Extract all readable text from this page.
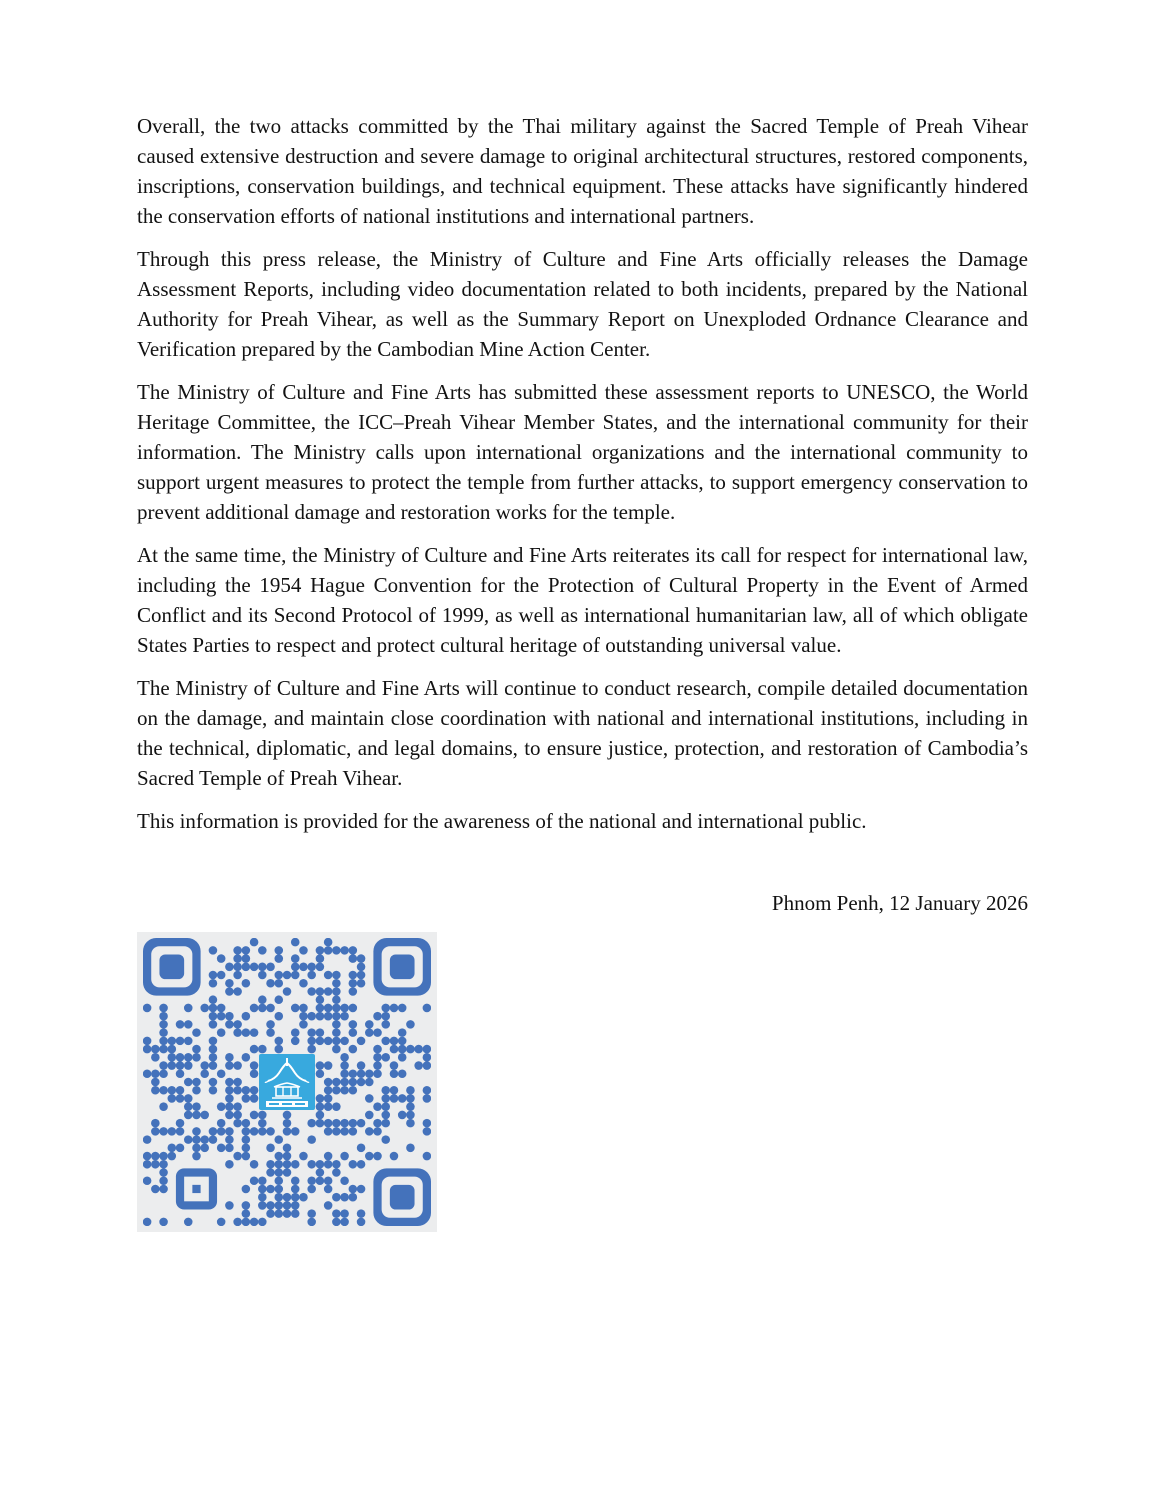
Overall, the two attacks committed by the Thai military against the Sacred Temple of Preah Vihear caused extensive destruction and severe damage to original architectural structures, restored components, inscriptions, conservation buildings, and technical equipment. These attacks have significantly hindered the conservation efforts of national institutions and international partners.

Through this press release, the Ministry of Culture and Fine Arts officially releases the Damage Assessment Reports, including video documentation related to both incidents, prepared by the National Authority for Preah Vihear, as well as the Summary Report on Unexploded Ordnance Clearance and Verification prepared by the Cambodian Mine Action Center.

The Ministry of Culture and Fine Arts has submitted these assessment reports to UNESCO, the World Heritage Committee, the ICC–Preah Vihear Member States, and the international community for their information. The Ministry calls upon international organizations and the international community to support urgent measures to protect the temple from further attacks, to support emergency conservation to prevent additional damage and restoration works for the temple.

At the same time, the Ministry of Culture and Fine Arts reiterates its call for respect for international law, including the 1954 Hague Convention for the Protection of Cultural Property in the Event of Armed Conflict and its Second Protocol of 1999, as well as international humanitarian law, all of which obligate States Parties to respect and protect cultural heritage of outstanding universal value.

The Ministry of Culture and Fine Arts will continue to conduct research, compile detailed documentation on the damage, and maintain close coordination with national and international institutions, including in the technical, diplomatic, and legal domains, to ensure justice, protection, and restoration of Cambodia’s Sacred Temple of Preah Vihear.

This information is provided for the awareness of the national and international public.

Phnom Penh, 12 January 2026
